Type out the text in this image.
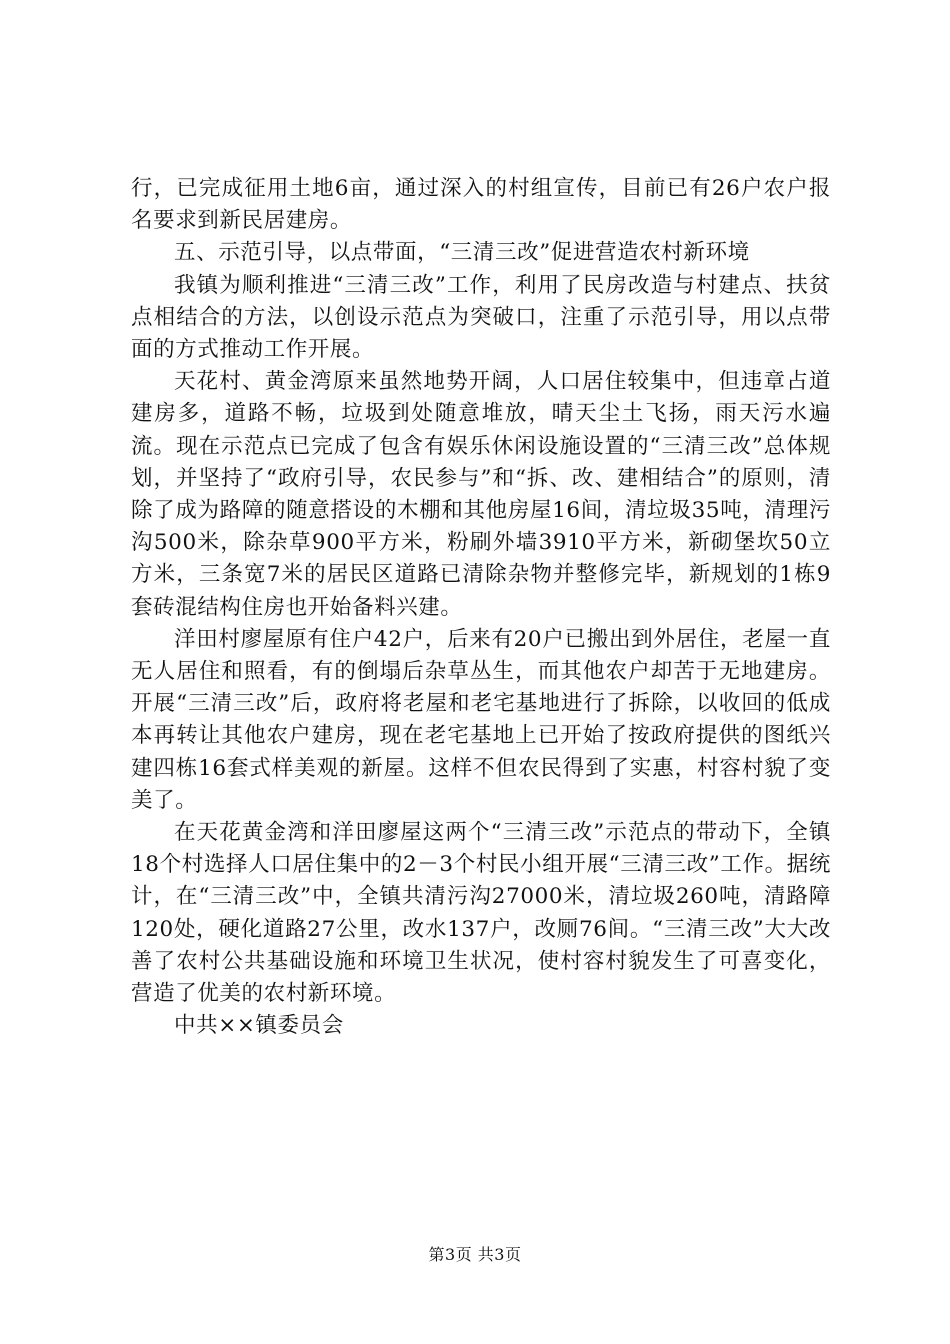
行，已完成征用土地6亩，通过深入的村组宣传，目前已有26户农户报名要求到新民居建房。

五、示范引导，以点带面，“三清三改”促进营造农村新环境

我镇为顺利推进“三清三改”工作，利用了民房改造与村建点、扶贫点相结合的方法，以创设示范点为突破口，注重了示范引导，用以点带面的方式推动工作开展。

天花村、黄金湾原来虽然地势开阔，人口居住较集中，但违章占道建房多，道路不畅，垃圾到处随意堆放，晴天尘土飞扬，雨天污水遍流。现在示范点已完成了包含有娱乐休闲设施设置的“三清三改”总体规划，并坚持了“政府引导，农民参与”和“拆、改、建相结合”的原则，清除了成为路障的随意搭设的木棚和其他房屋16间，清垃圾35吨，清理污沟500米，除杂草900平方米，粉刷外墙3910平方米，新砌堡坎50立方米，三条宽7米的居民区道路已清除杂物并整修完毕，新规划的1栋9套砖混结构住房也开始备料兴建。

洋田村廖屋原有住户42户，后来有20户已搬出到外居住，老屋一直无人居住和照看，有的倒塌后杂草丛生，而其他农户却苦于无地建房。开展“三清三改”后，政府将老屋和老宅基地进行了拆除，以收回的低成本再转让其他农户建房，现在老宅基地上已开始了按政府提供的图纸兴建四栋16套式样美观的新屋。这样不但农民得到了实惠，村容村貌了变美了。

在天花黄金湾和洋田廖屋这两个“三清三改”示范点的带动下，全镇18个村选择人口居住集中的2－3个村民小组开展“三清三改”工作。据统计，在“三清三改”中，全镇共清污沟27000米，清垃圾260吨，清路障120处，硬化道路27公里，改水137户，改厕76间。“三清三改”大大改善了农村公共基础设施和环境卫生状况，使村容村貌发生了可喜变化，营造了优美的农村新环境。

中共××镇委员会

第3页 共3页
